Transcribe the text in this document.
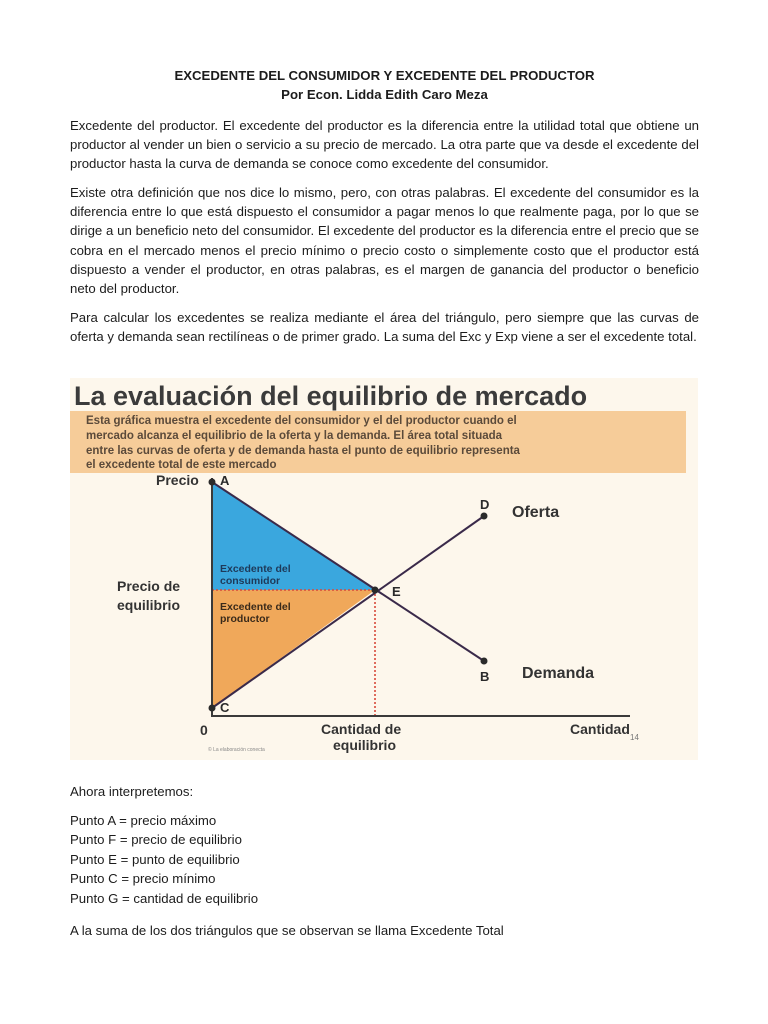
EXCEDENTE DEL CONSUMIDOR Y EXCEDENTE DEL PRODUCTOR

Por Econ. Lidda Edith Caro Meza

Excedente del productor. El excedente del productor es la diferencia entre la utilidad total que obtiene un productor al vender un bien o servicio a su precio de mercado. La otra parte que va desde el excedente del productor hasta la curva de demanda se conoce como excedente del consumidor.

Existe otra definición que nos dice lo mismo, pero, con otras palabras. El excedente del consumidor es la diferencia entre lo que está dispuesto el consumidor a pagar menos lo que realmente paga, por lo que se dirige a un beneficio neto del consumidor. El excedente del productor es la diferencia entre el precio que se cobra en el mercado menos el precio mínimo o precio costo o simplemente costo que el productor está dispuesto a vender el productor, en otras palabras, es el margen de ganancia del productor o beneficio neto del productor.

Para calcular los excedentes se realiza mediante el área del triángulo, pero siempre que las curvas de oferta y demanda sean rectilíneas o de primer grado. La suma del Exc y Exp viene a ser el excedente total.

La evaluación del equilibrio de mercado
Esta gráfica muestra el excedente del consumidor y el del productor cuando el
mercado alcanza el equilibrio de la oferta y la demanda. El área total situada
entre las curvas de oferta y de demanda hasta el punto de equilibrio representa
el excedente total de este mercado
A
D
E
B
C
Precio
0	Cantidad
14
Precio de
equilibrio
Cantidad de
equilibrio
Excedente del
consumidor
Excedente del
productor
Oferta
Demanda
© La elaboración conecta
Ahora interpretemos:
Punto A = precio máximo
Punto F = precio de equilibrio
Punto E = punto de equilibrio
Punto C = precio mínimo
Punto G = cantidad de equilibrio
A la suma de los dos triángulos que se observan se llama Excedente Total
